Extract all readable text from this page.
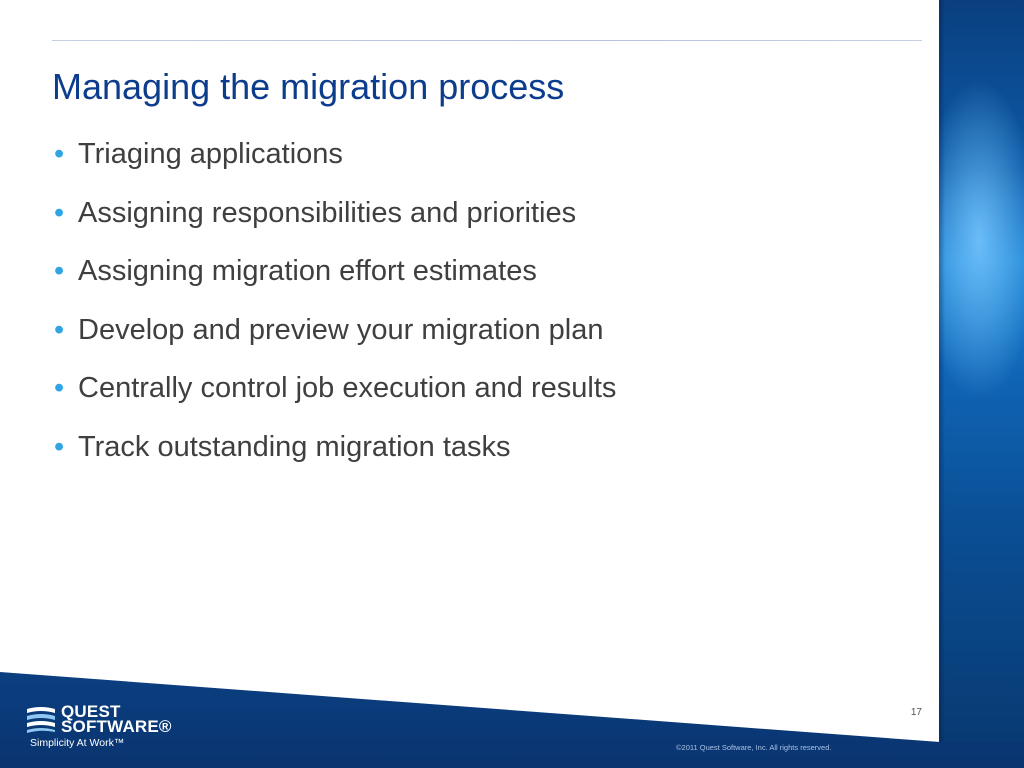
Managing the migration process
• Triaging applications
• Assigning responsibilities and priorities
• Assigning migration effort estimates
• Develop and preview your migration plan
• Centrally control job execution and results
• Track outstanding migration tasks
QUEST
SOFTWARE®
Simplicity At Work™
17
©2011 Quest Software, Inc. All rights reserved.
